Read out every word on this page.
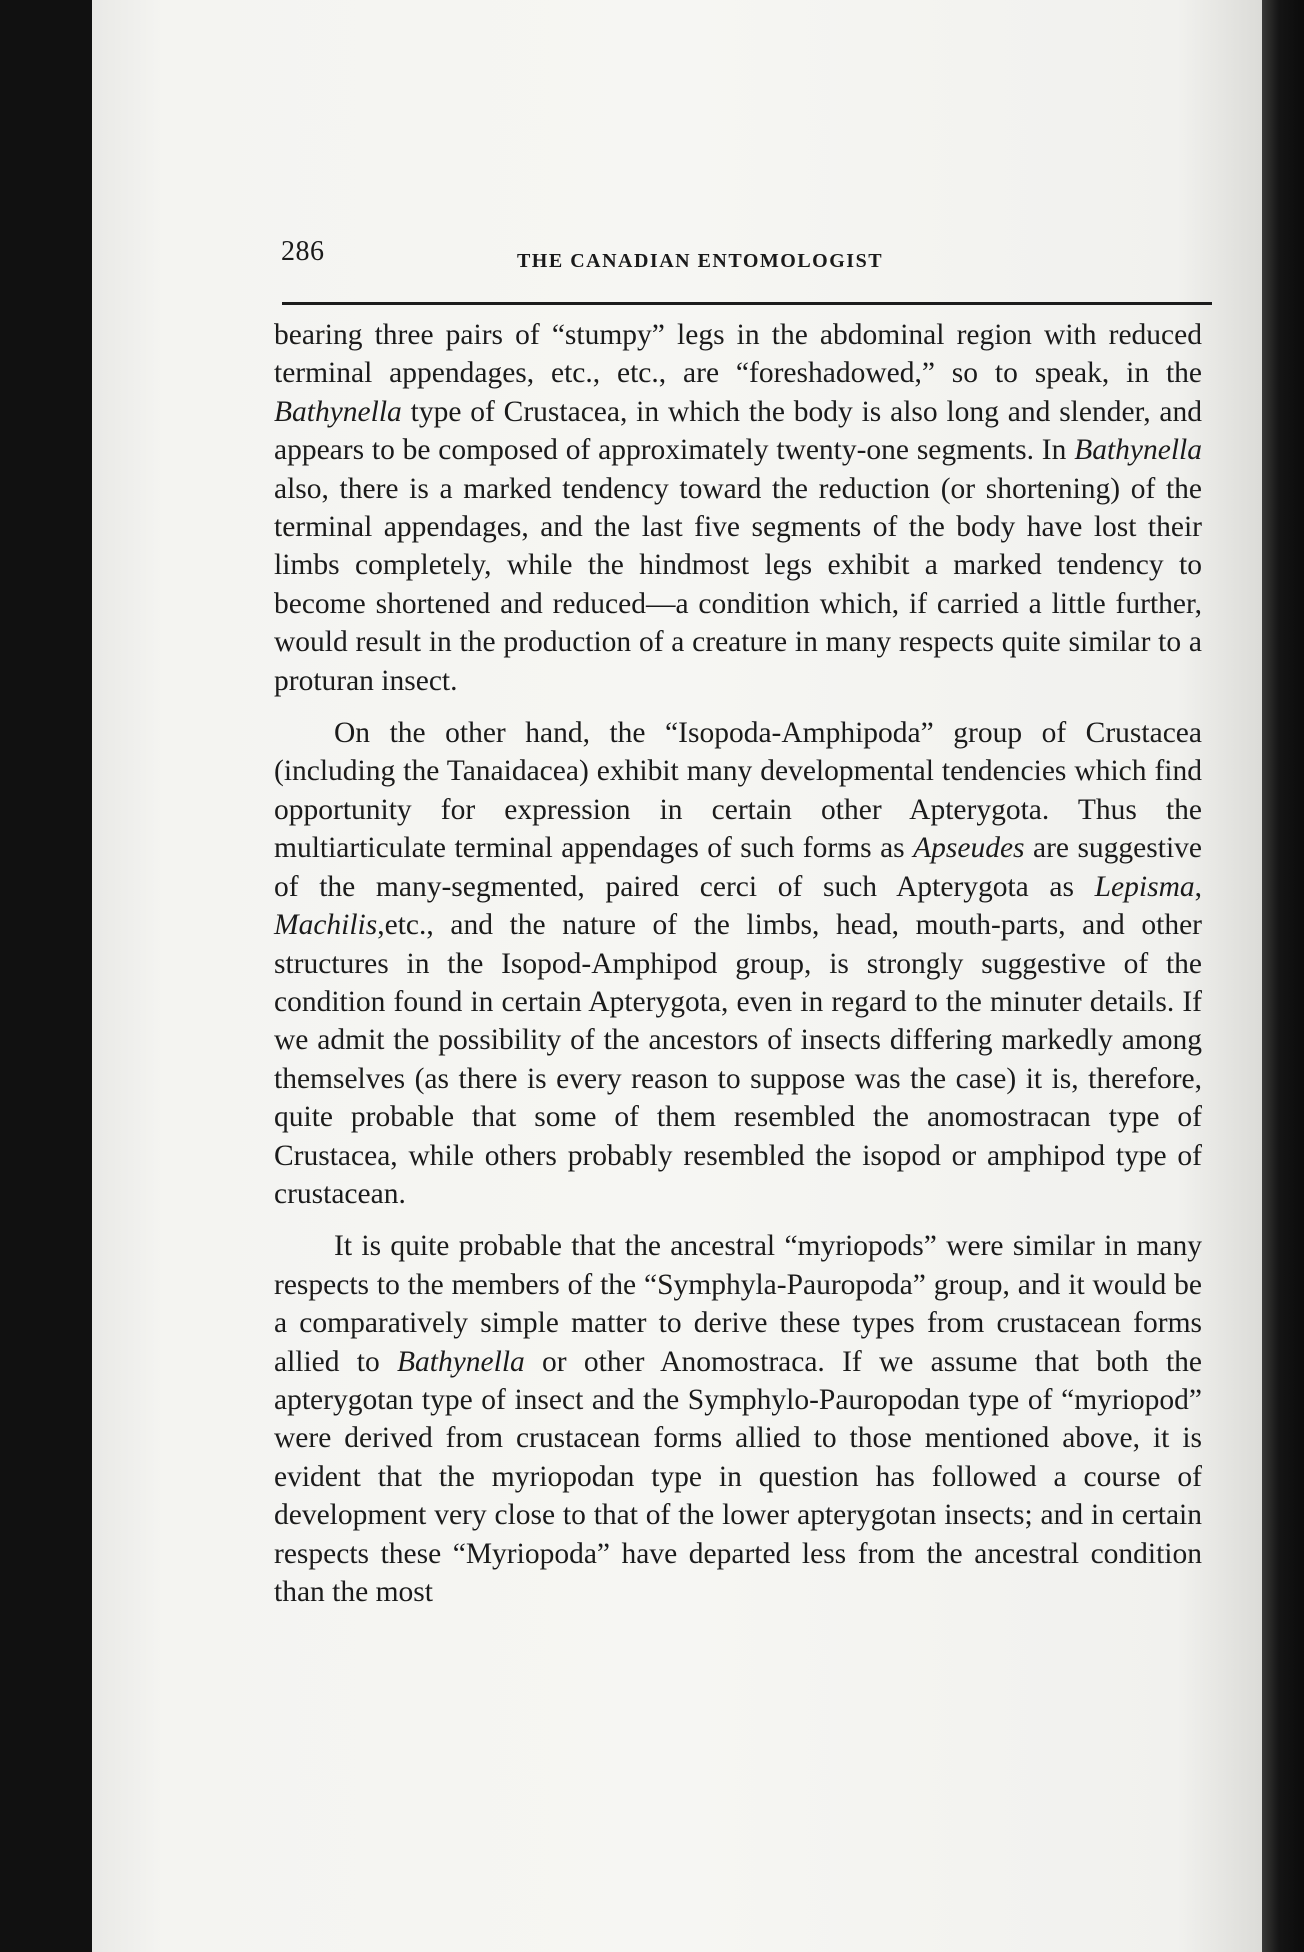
286	THE CANADIAN ENTOMOLOGIST

bearing three pairs of “stumpy” legs in the abdominal region with reduced terminal appendages, etc., etc., are “foreshadowed,” so to speak, in the Bathynella type of Crustacea, in which the body is also long and slender, and appears to be composed of approximately twenty-one segments. In Bathynella also, there is a marked tendency toward the reduction (or shortening) of the terminal appendages, and the last five segments of the body have lost their limbs completely, while the hindmost legs exhibit a marked tendency to become shortened and reduced—a condition which, if carried a little further, would result in the production of a creature in many respects quite similar to a proturan insect.

On the other hand, the “Isopoda-Amphipoda” group of Crustacea (including the Tanaidacea) exhibit many developmental tendencies which find opportunity for expression in certain other Apterygota. Thus the multiarticulate terminal appendages of such forms as Apseudes are suggestive of the many-segmented, paired cerci of such Apterygota as Lepisma, Machilis,etc., and the nature of the limbs, head, mouth-parts, and other structures in the Isopod-Amphipod group, is strongly suggestive of the condition found in certain Apterygota, even in regard to the minuter details. If we admit the possibility of the ancestors of insects differing markedly among themselves (as there is every reason to suppose was the case) it is, therefore, quite probable that some of them resembled the anomostracan type of Crustacea, while others probably resembled the isopod or amphipod type of crustacean.

It is quite probable that the ancestral “myriopods” were similar in many respects to the members of the “Symphyla-Pauropoda” group, and it would be a comparatively simple matter to derive these types from crustacean forms allied to Bathynella or other Anomostraca. If we assume that both the apterygotan type of insect and the Symphylo-Pauropodan type of “myriopod” were derived from crustacean forms allied to those mentioned above, it is evident that the myriopodan type in question has followed a course of development very close to that of the lower apterygotan insects; and in certain respects these “Myriopoda” have departed less from the ancestral condition than the most
